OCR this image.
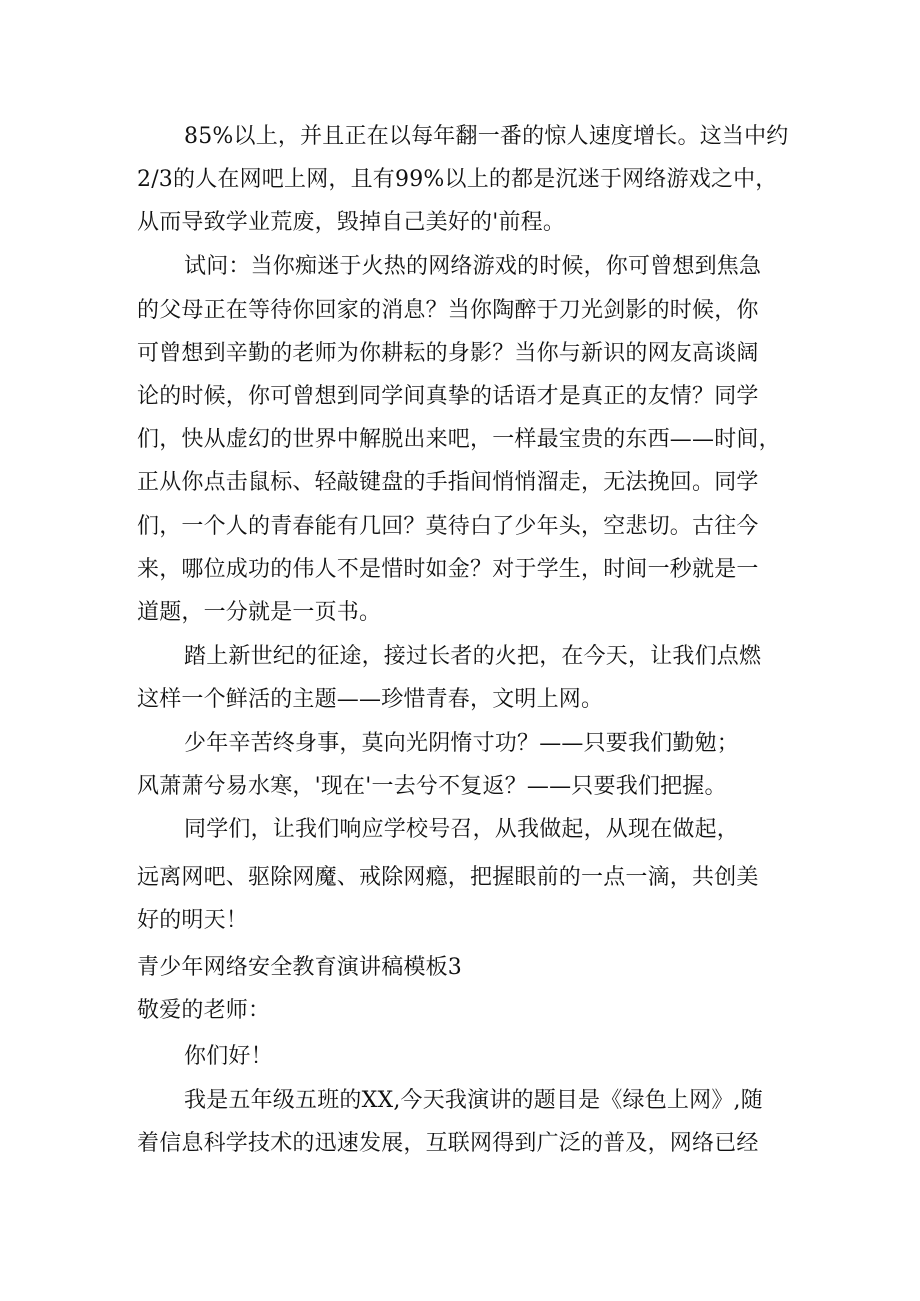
85%以上，并且正在以每年翻一番的惊人速度增长。这当中约
2/3的人在网吧上网，且有99%以上的都是沉迷于网络游戏之中，
从而导致学业荒废，毁掉自己美好的'前程。
试问：当你痴迷于火热的网络游戏的时候，你可曾想到焦急
的父母正在等待你回家的消息？当你陶醉于刀光剑影的时候，你
可曾想到辛勤的老师为你耕耘的身影？当你与新识的网友高谈阔
论的时候，你可曾想到同学间真挚的话语才是真正的友情？同学
们，快从虚幻的世界中解脱出来吧，一样最宝贵的东西——时间，
正从你点击鼠标、轻敲键盘的手指间悄悄溜走，无法挽回。同学
们，一个人的青春能有几回？莫待白了少年头，空悲切。古往今
来，哪位成功的伟人不是惜时如金？对于学生，时间一秒就是一
道题，一分就是一页书。
踏上新世纪的征途，接过长者的火把，在今天，让我们点燃
这样一个鲜活的主题——珍惜青春，文明上网。
少年辛苦终身事，莫向光阴惰寸功？——只要我们勤勉；
风萧萧兮易水寒，'现在'一去兮不复返？——只要我们把握。
同学们，让我们响应学校号召，从我做起，从现在做起，
远离网吧、驱除网魔、戒除网瘾，把握眼前的一点一滴，共创美
好的明天！
青少年网络安全教育演讲稿模板3
敬爱的老师：
你们好！
我是五年级五班的XX,今天我演讲的题目是《绿色上网》,随
着信息科学技术的迅速发展，互联网得到广泛的普及，网络已经
